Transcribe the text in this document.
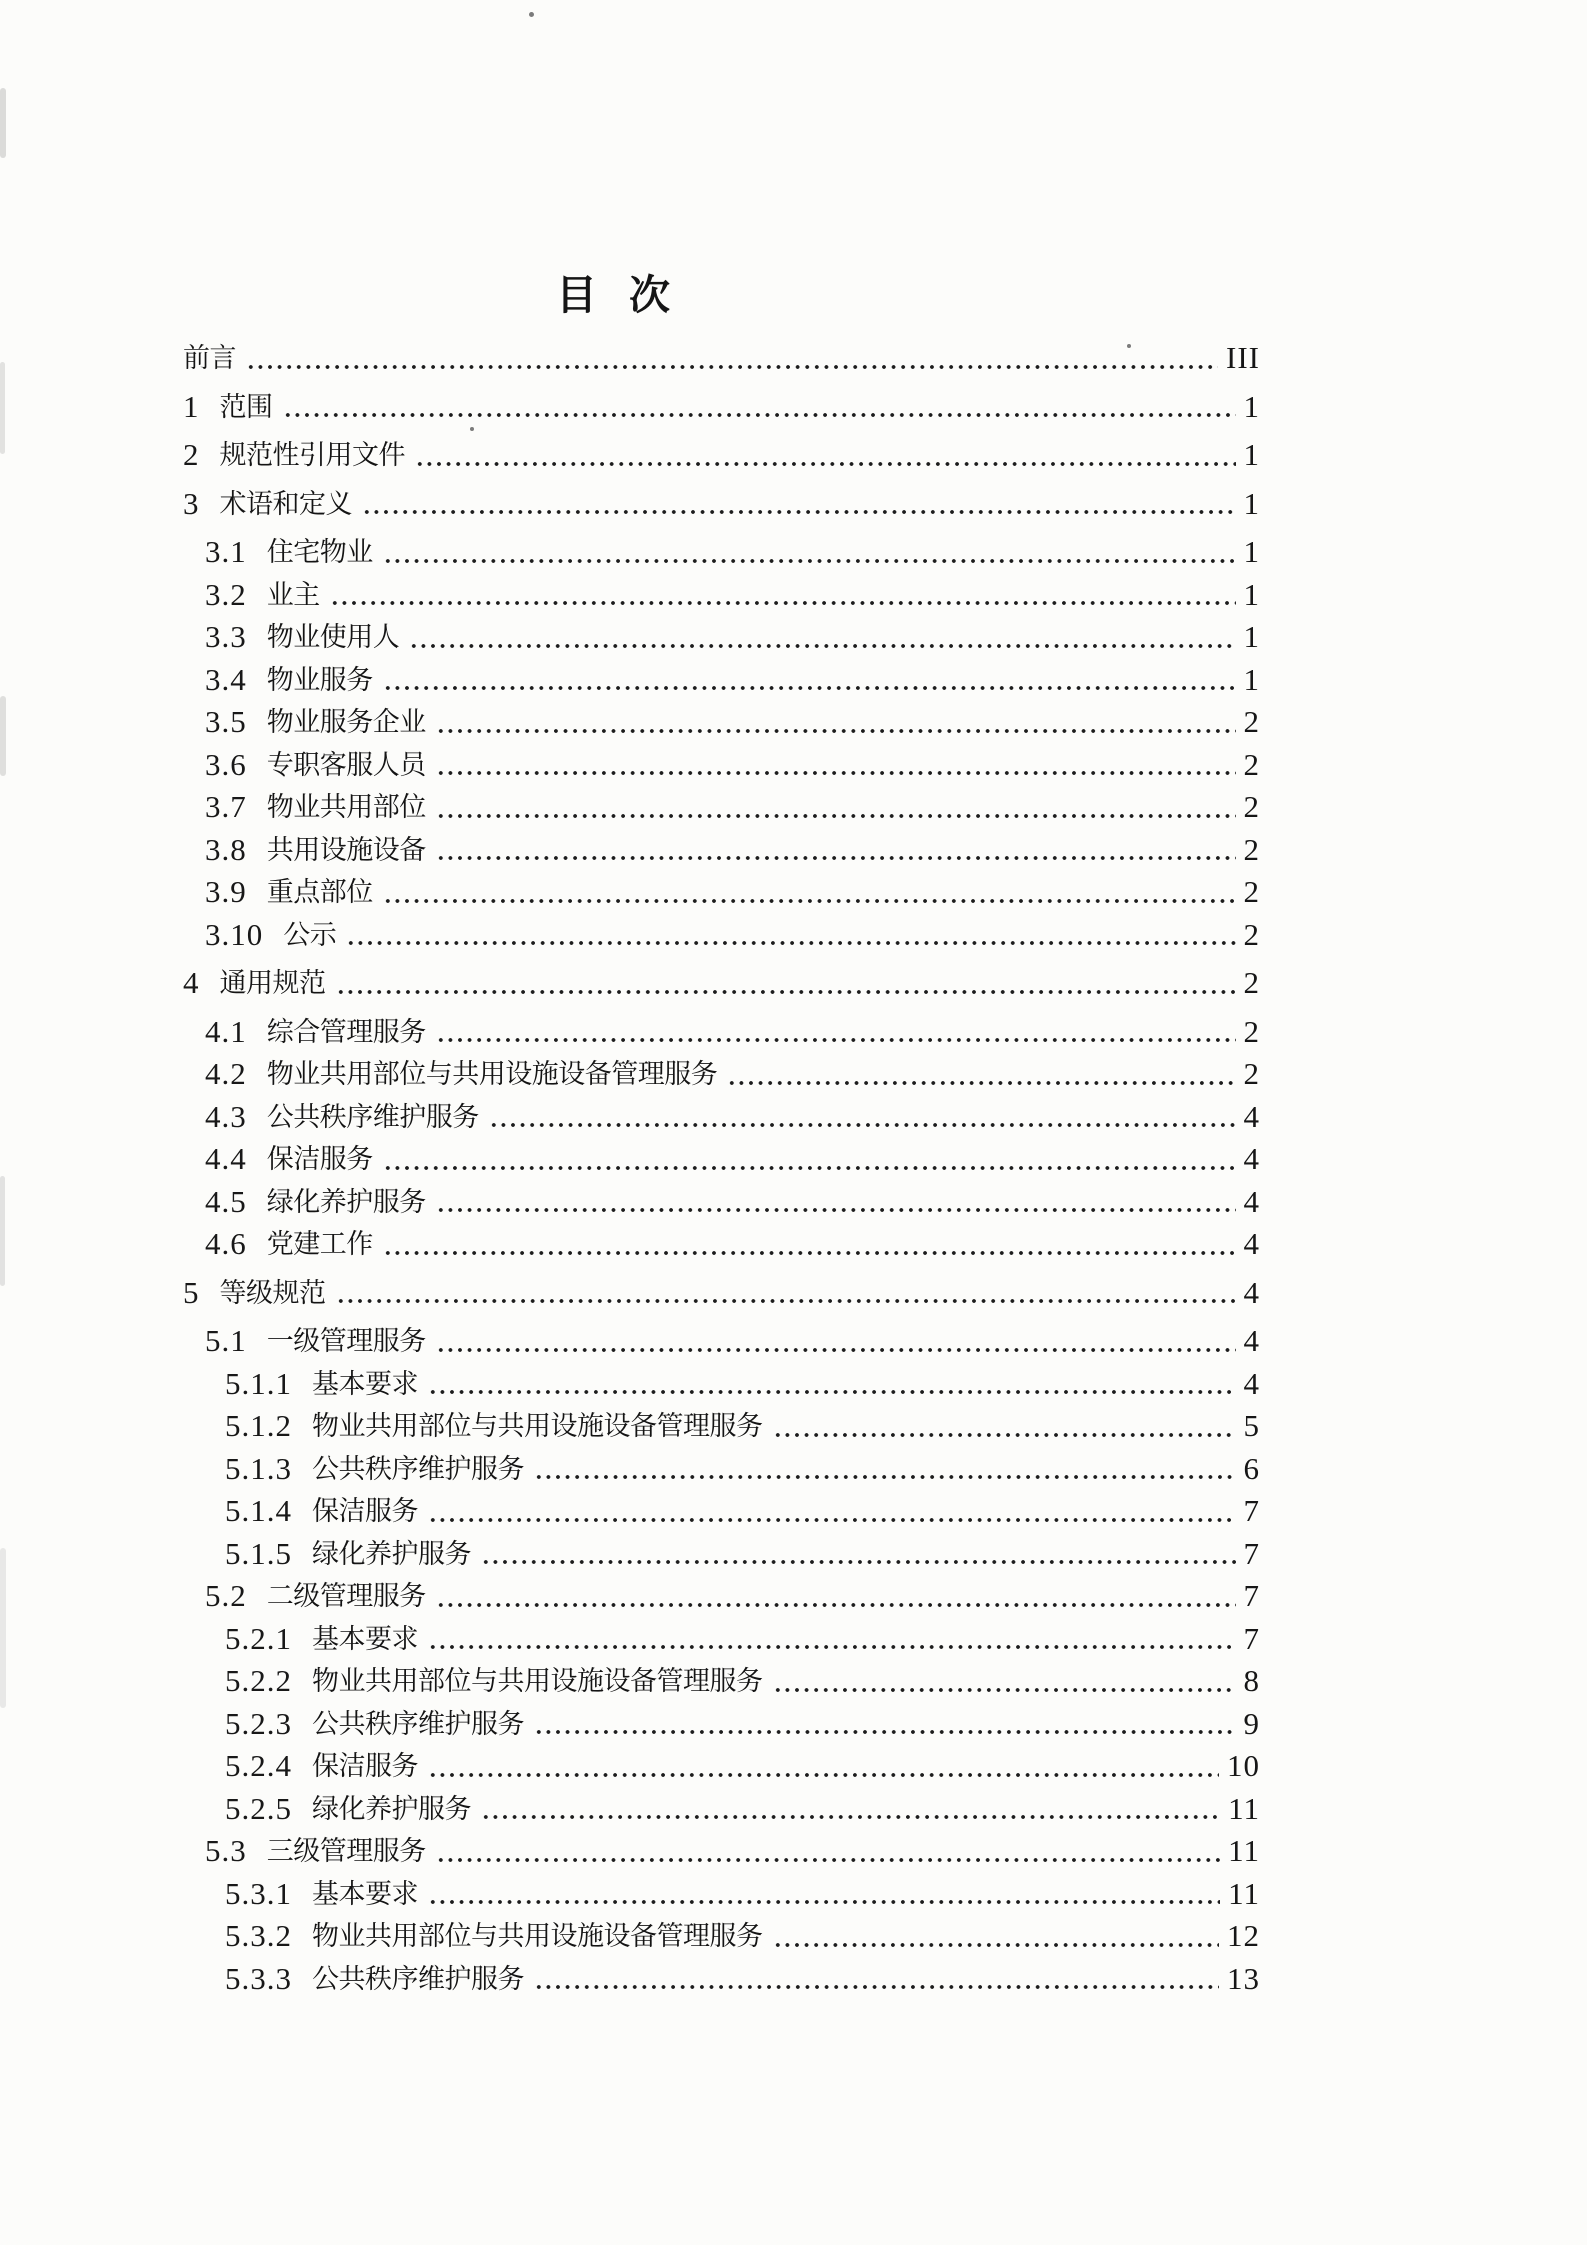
目次
前言	III
1 范围	1
2 规范性引用文件	1
3 术语和定义	1
3.1 住宅物业	1
3.2 业主	1
3.3 物业使用人	1
3.4 物业服务	1
3.5 物业服务企业	2
3.6 专职客服人员	2
3.7 物业共用部位	2
3.8 共用设施设备	2
3.9 重点部位	2
3.10 公示	2
4 通用规范	2
4.1 综合管理服务	2
4.2 物业共用部位与共用设施设备管理服务	2
4.3 公共秩序维护服务	4
4.4 保洁服务	4
4.5 绿化养护服务	4
4.6 党建工作	4
5 等级规范	4
5.1 一级管理服务	4
5.1.1 基本要求	4
5.1.2 物业共用部位与共用设施设备管理服务	5
5.1.3 公共秩序维护服务	6
5.1.4 保洁服务	7
5.1.5 绿化养护服务	7
5.2 二级管理服务	7
5.2.1 基本要求	7
5.2.2 物业共用部位与共用设施设备管理服务	8
5.2.3 公共秩序维护服务	9
5.2.4 保洁服务	10
5.2.5 绿化养护服务	11
5.3 三级管理服务	11
5.3.1 基本要求	11
5.3.2 物业共用部位与共用设施设备管理服务	12
5.3.3 公共秩序维护服务	13
